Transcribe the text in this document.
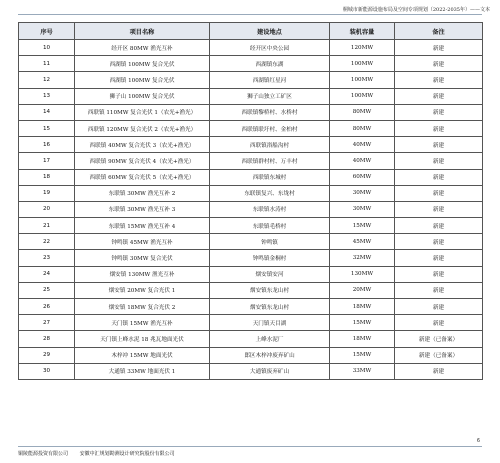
桐城市新能源设施布局及空间专项规划（2022-2035年）——文本
序号	项目名称	建设地点	装机容量	备注
10	经开区 80MW 渔光互补	经开区中央公园	120MW	新建
11	西湖镇 100MW 复合光伏	西湖镇东湖	100MW	新建
12	西湖镇 100MW 复合光伏	西湖镇红星河	100MW	新建
13	狮子山 100MW 复合光伏	狮子山独立工矿区	100MW	新建
14	西联镇 110MW 复合光伏 1（农光+渔光）	西联镇黎桥村、水桥村	80MW	新建
15	西联镇 120MW 复合光伏 2（农光+渔光）	西联镇联圩村、金柏村	80MW	新建
16	西联镇 40MW 复合光伏 3（农光+渔光）	西联镇浴船沟村	40MW	新建
17	西联镇 90MW 复合光伏 4（农光+渔光）	西联镇群村村、万丰村	40MW	新建
18	西联镇 60MW 复合光伏 5（农光+渔光）	西联镇东城村	60MW	新建
19	东联镇 30MW 渔光互补 2	东联镇复兴、东垅村	30MW	新建
20	东联镇 30MW 渔光互补 3	东联镇水涛村	30MW	新建
21	东联镇 15MW 渔光互补 4	东联镇毛桥村	15MW	新建
22	钟鸣镇 45MW 渔光互补	钟鸣镇	45MW	新建
23	钟鸣镇 30MW 复合光伏	钟鸣镇金桐村	32MW	新建
24	烟安镇 130MW 渔光互补	烟安镇安河	130MW	新建
25	烟安镇 20MW 复合光伏 1	烟安镇东龙山村	20MW	新建
26	烟安镇 18MW 复合光伏 2	烟安镇东龙山村	18MW	新建
27	天门镇 15MW 渔光互补	天门镇天目湖	15MW	新建
28	天门镇上峰水泥 18 兆瓦地面光伏	上峰水泥厂	18MW	新建（已备案）
29	木梓冲 15MW 地面光伏	郎区木梓冲废弃矿山	15MW	新建（已备案）
30	大通镇 33MW 地面光伏 1	大通镇废弃矿山	33MW	新建
6
铜陵能源投资有限公司 安徽中汇规划勘测设计研究院股份有限公司
